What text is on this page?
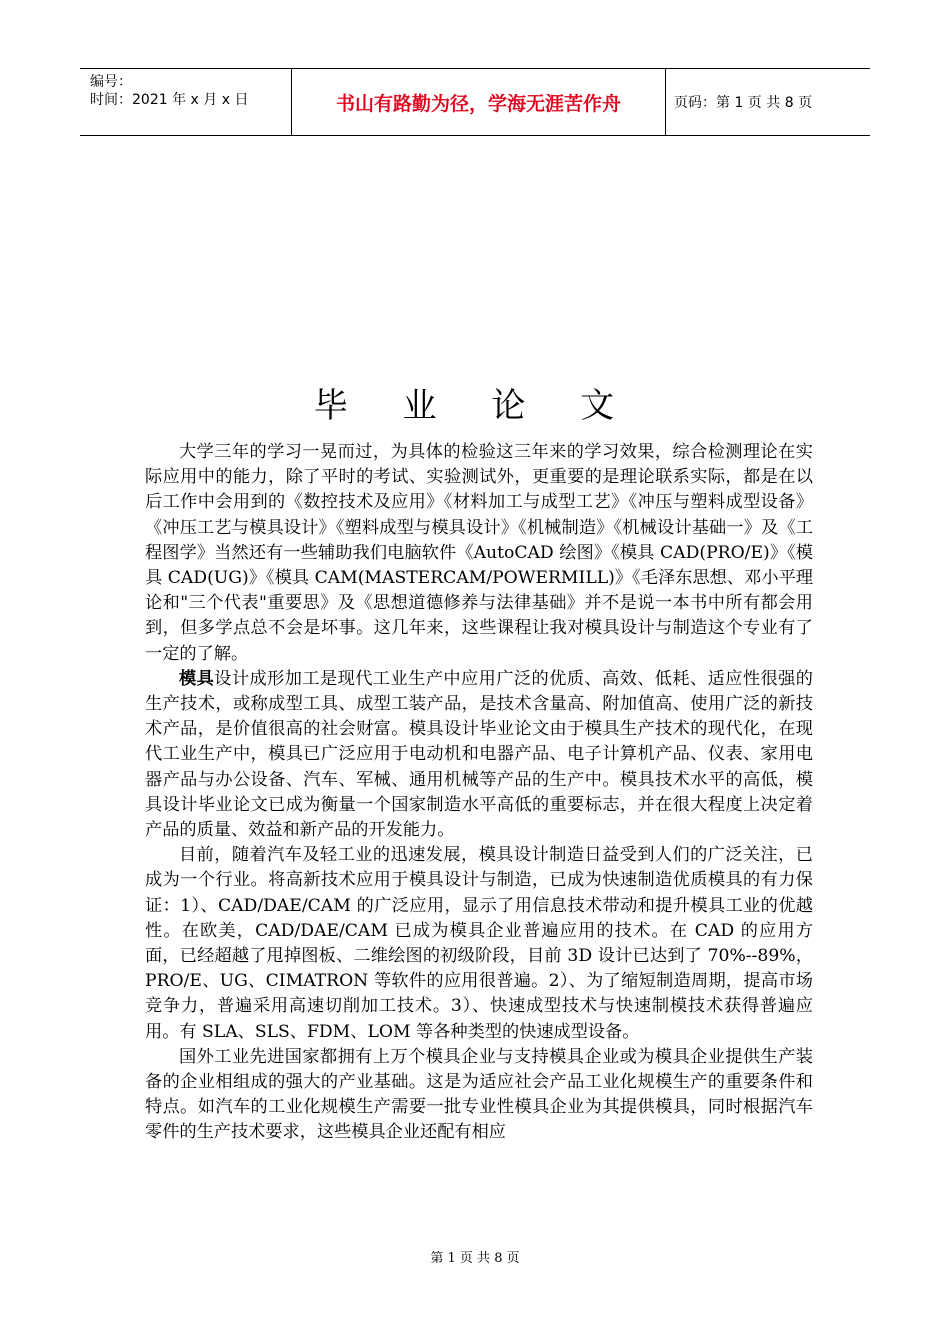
编号：
时间：2021 年 x 月 x 日	书山有路勤为径，学海无涯苦作舟	页码：第 1 页 共 8 页
毕 业 论 文

大学三年的学习一晃而过，为具体的检验这三年来的学习效果，综合检测理论在实际应用中的能力，除了平时的考试、实验测试外，更重要的是理论联系实际，都是在以后工作中会用到的《数控技术及应用》《材料加工与成型工艺》《冲压与塑料成型设备》《冲压工艺与模具设计》《塑料成型与模具设计》《机械制造》《机械设计基础一》及《工程图学》当然还有一些辅助我们电脑软件《AutoCAD 绘图》《模具 CAD(PRO/E)》《模具 CAD(UG)》《模具 CAM(MASTERCAM/POWERMILL)》《毛泽东思想、邓小平理论和"三个代表"重要思》及《思想道德修养与法律基础》并不是说一本书中所有都会用到，但多学点总不会是坏事。这几年来，这些课程让我对模具设计与制造这个专业有了一定的了解。

模具设计成形加工是现代工业生产中应用广泛的优质、高效、低耗、适应性很强的生产技术，或称成型工具、成型工装产品，是技术含量高、附加值高、使用广泛的新技术产品，是价值很高的社会财富。模具设计毕业论文由于模具生产技术的现代化，在现代工业生产中，模具已广泛应用于电动机和电器产品、电子计算机产品、仪表、家用电器产品与办公设备、汽车、军械、通用机械等产品的生产中。模具技术水平的高低，模具设计毕业论文已成为衡量一个国家制造水平高低的重要标志，并在很大程度上决定着产品的质量、效益和新产品的开发能力。

目前，随着汽车及轻工业的迅速发展，模具设计制造日益受到人们的广泛关注，已成为一个行业。将高新技术应用于模具设计与制造，已成为快速制造优质模具的有力保证：1）、CAD/DAE/CAM 的广泛应用，显示了用信息技术带动和提升模具工业的优越性。在欧美，CAD/DAE/CAM 已成为模具企业普遍应用的技术。在 CAD 的应用方面，已经超越了甩掉图板、二维绘图的初级阶段，目前 3D 设计已达到了 70%--89%，PRO/E、UG、CIMATRON 等软件的应用很普遍。2）、为了缩短制造周期，提高市场竞争力，普遍采用高速切削加工技术。3）、快速成型技术与快速制模技术获得普遍应用。有 SLA、SLS、FDM、LOM 等各种类型的快速成型设备。

国外工业先进国家都拥有上万个模具企业与支持模具企业或为模具企业提供生产装备的企业相组成的强大的产业基础。这是为适应社会产品工业化规模生产的重要条件和特点。如汽车的工业化规模生产需要一批专业性模具企业为其提供模具，同时根据汽车零件的生产技术要求，这些模具企业还配有相应

第 1 页 共 8 页
